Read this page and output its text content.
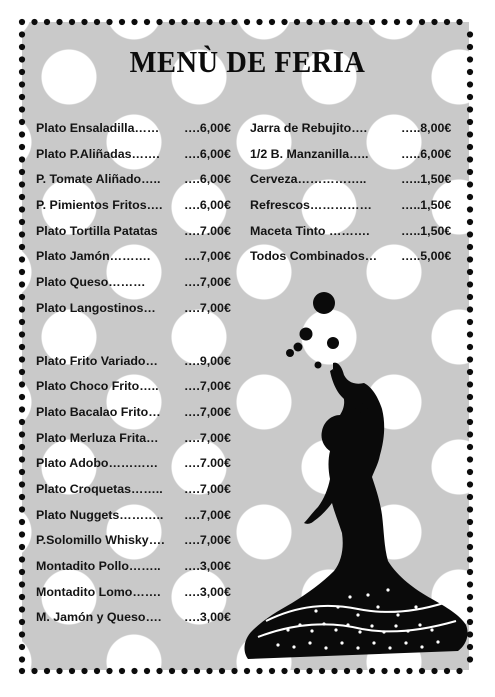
MENÙ DE FERIA
Plato Ensaladilla…… ….6,00€
Plato P.Aliñadas……. ….6,00€
P. Tomate Aliñado….. ….6,00€
P. Pimientos Fritos…. ….6,00€
Plato Tortilla Patatas ….7.00€
Plato Jamón……….	….7,00€
Plato Queso………	….7,00€
Plato Langostinos… ….7,00€
Plato Frito Variado… ….9,00€
Plato Choco Frito….. ….7,00€
Plato Bacalao Frito… ….7,00€
Plato Merluza Frita… ….7,00€
Plato Adobo………… ….7.00€
Plato Croquetas…….. ….7,00€
Plato Nuggets……….. ….7,00€
P.Solomillo Whisky…. ….7,00€
Montadito Pollo…….. ….3,00€
Montadito Lomo……. ….3,00€
M. Jamón y Queso…. ….3,00€
Jarra de Rebujito….	…..8,00€
1/2 B. Manzanilla…..	…..6,00€
Cerveza……………..	…..1,50€
Refrescos…………… …..1,50€
Maceta Tinto ……….	…..1,50€
Todos Combinados… …..5,00€
